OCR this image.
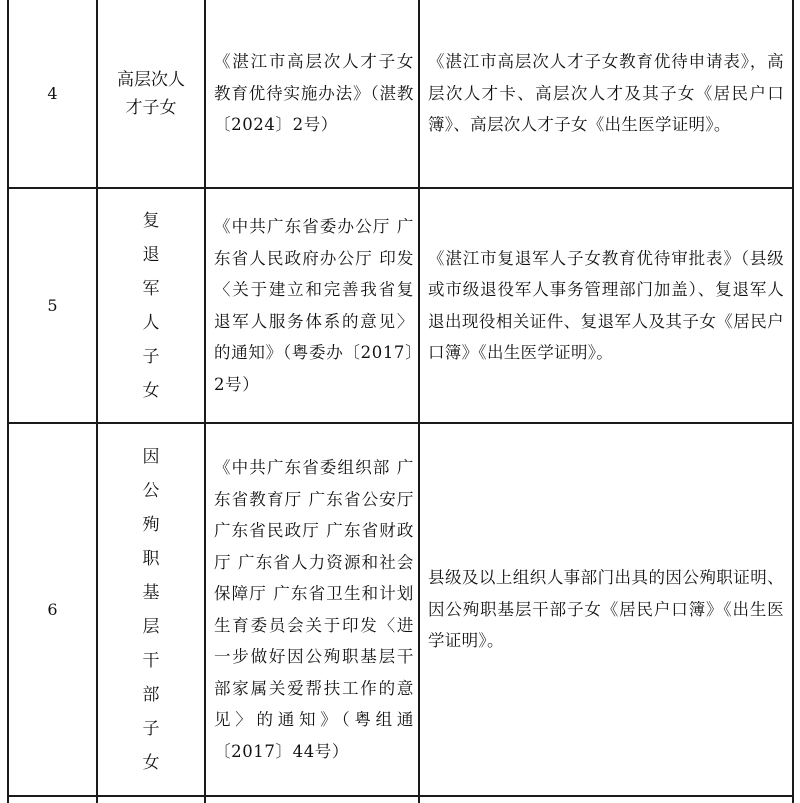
4
高层次人
才子女
《湛江市高层次人才子女教育优待实施办法》（湛教〔2024〕2号）
《湛江市高层次人才子女教育优待申请表》，高层次人才卡、高层次人才及其子女《居民户口簿》、高层次人才子女《出生医学证明》。
5
复
退
军
人
子
女
《中共广东省委办公厅 广东省人民政府办公厅 印发〈关于建立和完善我省复退军人服务体系的意见〉的通知》（粤委办〔2017〕2号）
《湛江市复退军人子女教育优待审批表》（县级或市级退役军人事务管理部门加盖）、复退军人退出现役相关证件、复退军人及其子女《居民户口簿》《出生医学证明》。
6
因
公
殉
职
基
层
干
部
子
女
《中共广东省委组织部 广东省教育厅 广东省公安厅 广东省民政厅 广东省财政厅 广东省人力资源和社会保障厅 广东省卫生和计划生育委员会关于印发〈进一步做好因公殉职基层干部家属关爱帮扶工作的意见〉的通知》（粤组通〔2017〕44号）
县级及以上组织人事部门出具的因公殉职证明、因公殉职基层干部子女《居民户口簿》《出生医学证明》。
